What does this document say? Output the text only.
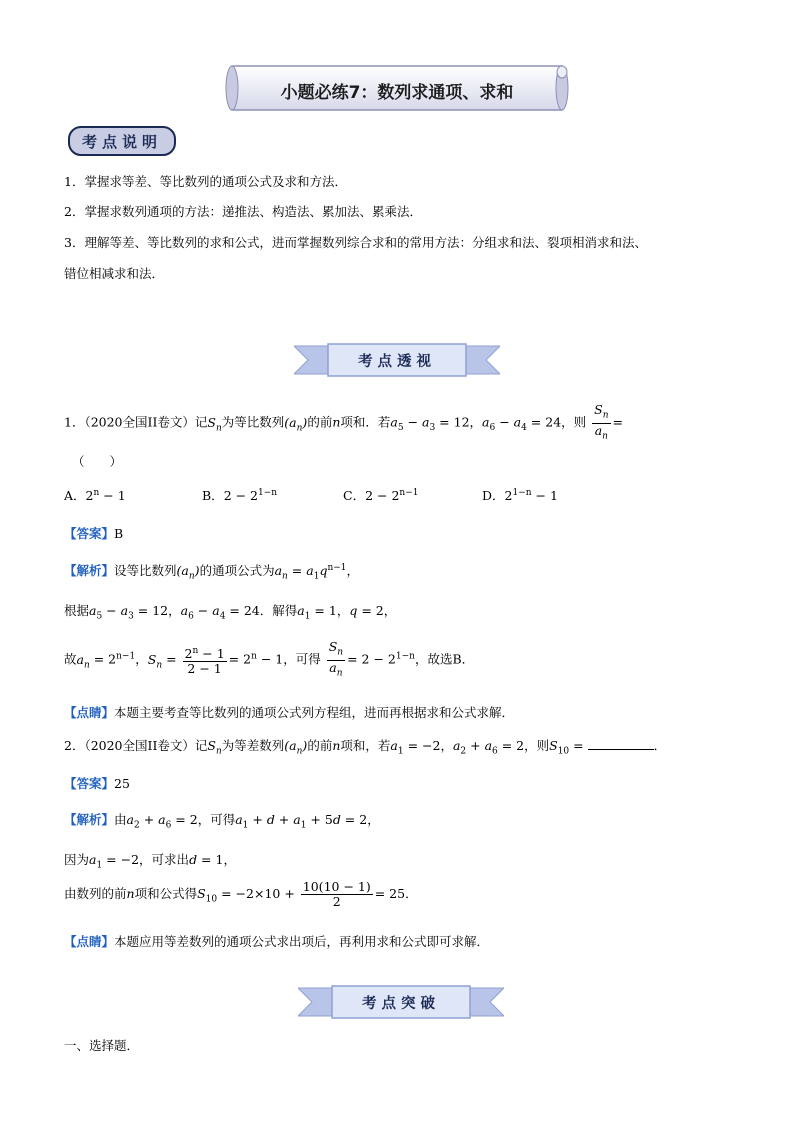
小题必练7：数列求通项、求和
考点说明
1．掌握求等差、等比数列的通项公式及求和方法．
2．掌握求数列通项的方法：递推法、构造法、累加法、累乘法．
3．理解等差、等比数列的求和公式，进而掌握数列综合求和的常用方法：分组求和法、裂项相消求和法、
错位相减求和法．
考点透视
1．（2020全国II卷文）记$S_n$为等比数列$(a_n)$的前n项和．若$a_5 - a_3 = 12$，$a_6 - a_4 = 24$，则 $\frac{S_n}{a_n}$ =
（　　）
A．$2^n - 1$	B．$2 - 2^{1-n}$	C．$2 - 2^{n-1}$	D．$2^{1-n} - 1$
【答案】B
【解析】设等比数列$(a_n)$的通项公式为$a_n = a_1q^{n-1}$，
根据$a_5 - a_3 = 12$，$a_6 - a_4 = 24$．解得$a_1 = 1$，q = 2，
故$a_n = 2^{n-1}$，$S_n = \frac{2^n - 1}{2 - 1} = 2^n - 1$，可得 $\frac{S_n}{a_n} = 2 - 2^{1-n}$，故选B．
【点睛】本题主要考查等比数列的通项公式列方程组，进而再根据求和公式求解．
2．（2020全国II卷文）记$S_n$为等差数列$(a_n)$的前n项和，若$a_1 = -2$，$a_2 + a_6 = 2$，则$S_{10}$ =	．
【答案】25
【解析】由$a_2 + a_6 = 2$，可得$a_1 + d + a_1 + 5d = 2$，
因为$a_1 = -2$，可求出d = 1，
由数列的前n项和公式得$S_{10} = -2\times 10 + \frac{10(10 - 1)}{2} = 25$．
【点睛】本题应用等差数列的通项公式求出项后，再利用求和公式即可求解．
考点突破
一、选择题．
